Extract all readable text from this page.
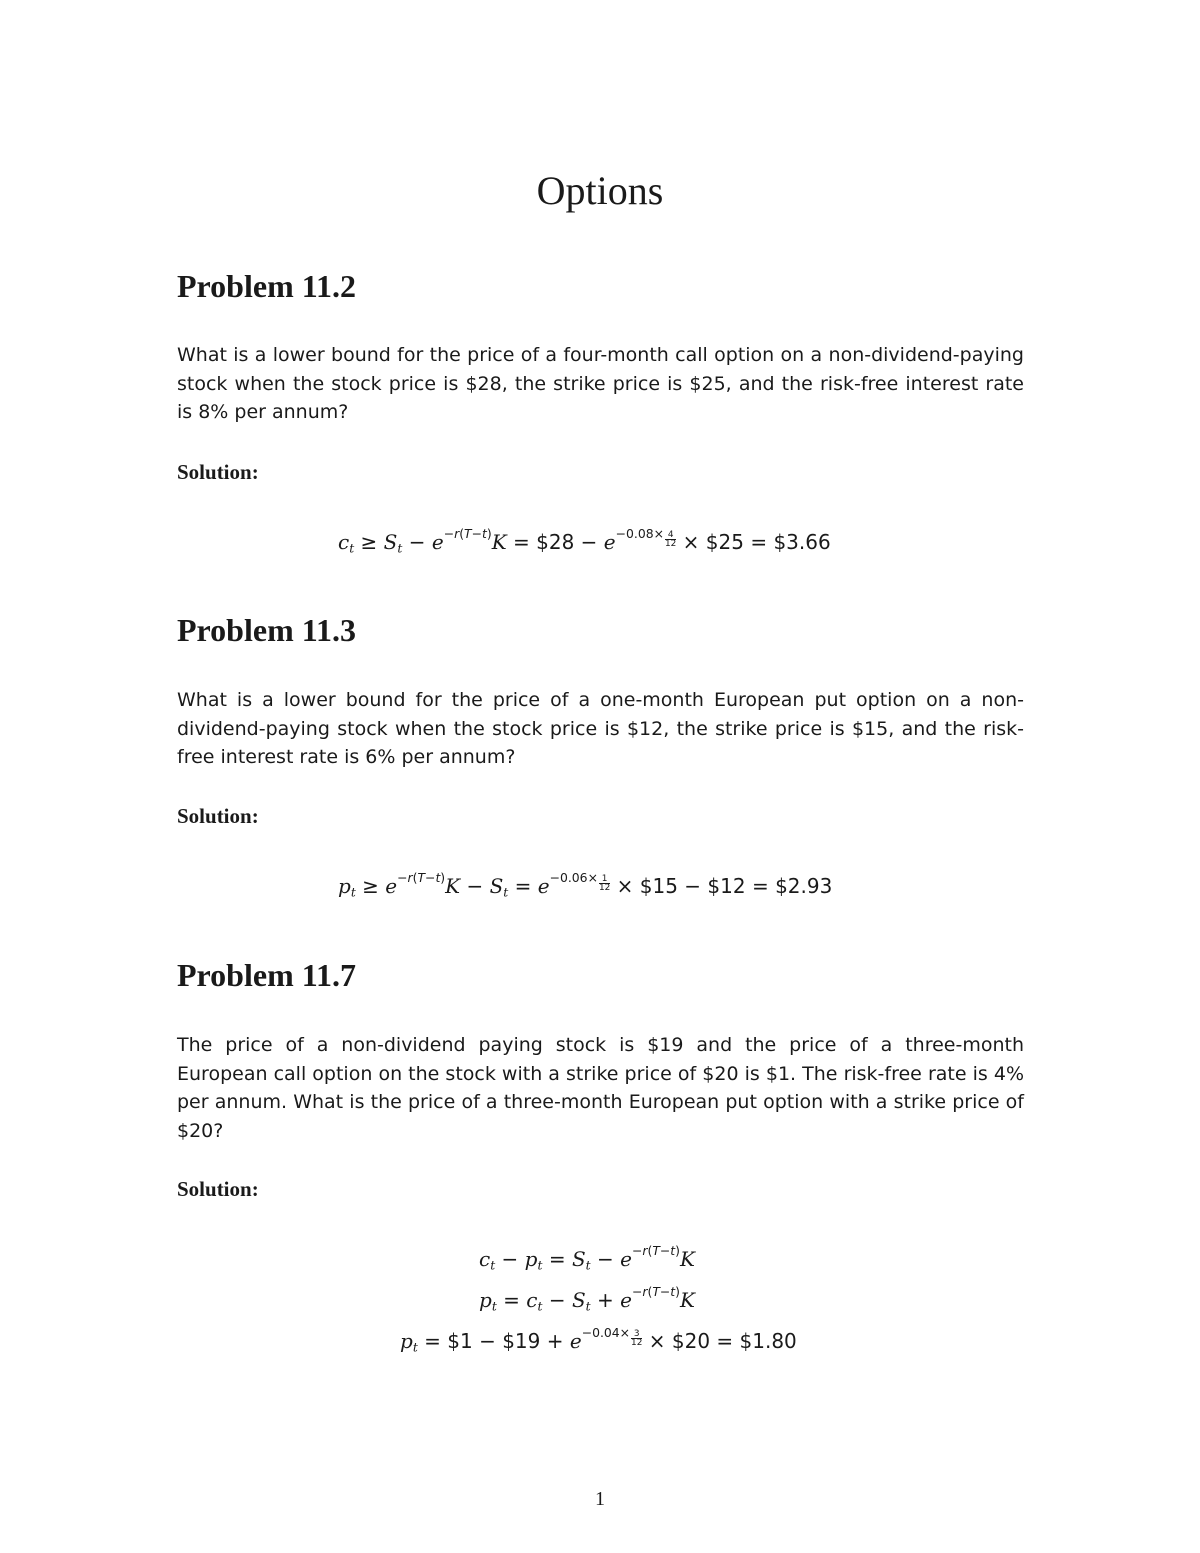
Options
Problem 11.2

What is a lower bound for the price of a four-month call option on a non-dividend-paying stock when the stock price is $28, the strike price is $25, and the risk-free interest rate is 8% per annum?

Solution:
$c_t \ge S_t - e^{-r(T-t)}K$ = $28 − $e^{-0.08\times \frac{4}{12}}$ × $25 = $3.66
Problem 11.3

What is a lower bound for the price of a one-month European put option on a non-dividend-paying stock when the stock price is $12, the strike price is $15, and the risk-free interest rate is 6% per annum?

Solution:
$p_t \ge e^{-r(T-t)}K - S_t = e^{-0.06\times \frac{1}{12}}$ × $15 − $12 = $2.93
Problem 11.7

The price of a non-dividend paying stock is $19 and the price of a three-month European call option on the stock with a strike price of $20 is $1. The risk-free rate is 4% per annum. What is the price of a three-month European put option with a strike price of $20?

Solution:
$c_t - p_t = S_t - e^{-r(T-t)}K$
$p_t = c_t - S_t + e^{-r(T-t)}K$
$p_t$ = $1 − $19 + $e^{-0.04\times \frac{3}{12}}$ × $20 = $1.80
1
